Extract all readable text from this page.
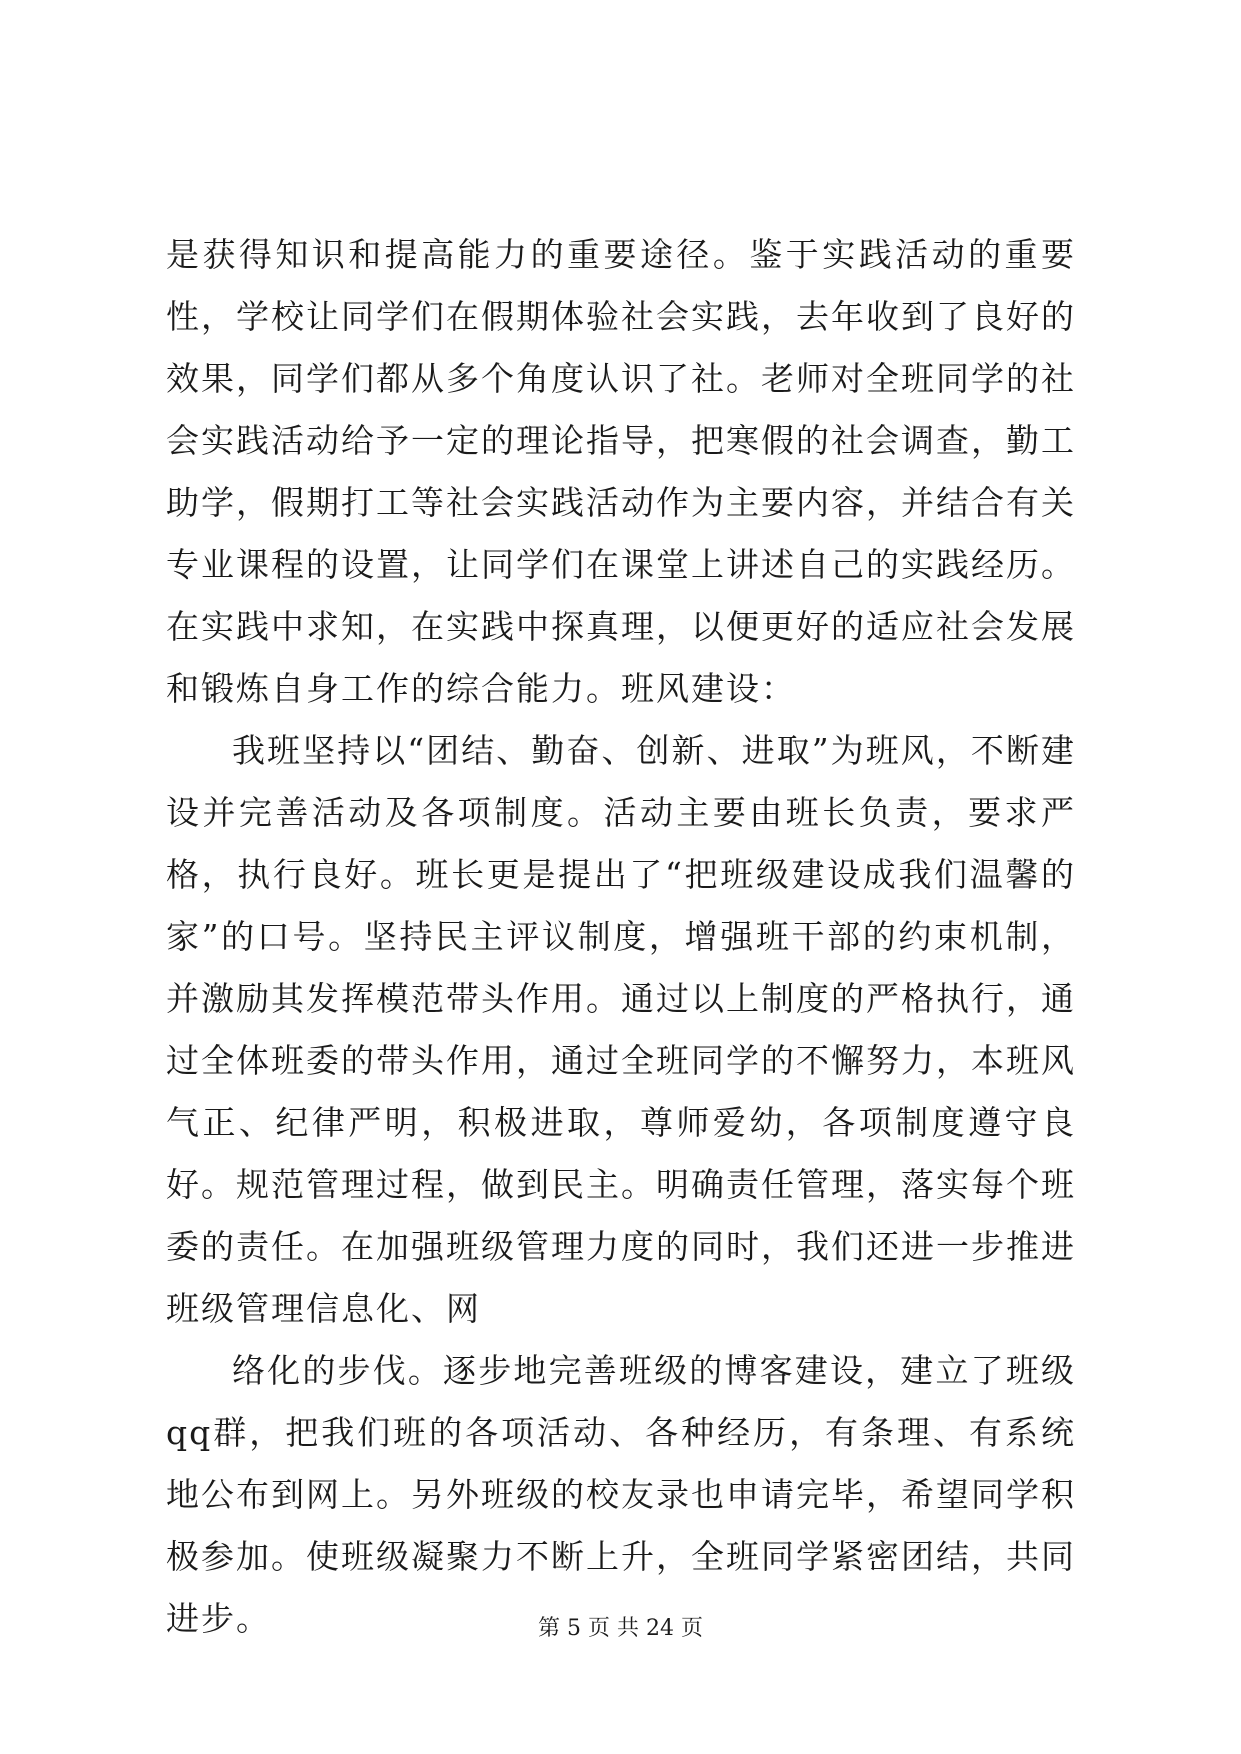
是获得知识和提高能力的重要途径。鉴于实践活动的重要性，学校让同学们在假期体验社会实践，去年收到了良好的效果，同学们都从多个角度认识了社。老师对全班同学的社会实践活动给予一定的理论指导，把寒假的社会调查，勤工助学，假期打工等社会实践活动作为主要内容，并结合有关专业课程的设置，让同学们在课堂上讲述自己的实践经历。在实践中求知，在实践中探真理，以便更好的适应社会发展和锻炼自身工作的综合能力。班风建设：

我班坚持以“团结、勤奋、创新、进取”为班风，不断建设并完善活动及各项制度。活动主要由班长负责，要求严格，执行良好。班长更是提出了“把班级建设成我们温馨的家”的口号。坚持民主评议制度，增强班干部的约束机制，并激励其发挥模范带头作用。通过以上制度的严格执行，通过全体班委的带头作用，通过全班同学的不懈努力，本班风气正、纪律严明，积极进取，尊师爱幼，各项制度遵守良好。规范管理过程，做到民主。明确责任管理，落实每个班委的责任。在加强班级管理力度的同时，我们还进一步推进班级管理信息化、网

络化的步伐。逐步地完善班级的博客建设，建立了班级qq群，把我们班的各项活动、各种经历，有条理、有系统地公布到网上。另外班级的校友录也申请完毕，希望同学积极参加。使班级凝聚力不断上升，全班同学紧密团结，共同进步。	第 5 页 共 24 页
